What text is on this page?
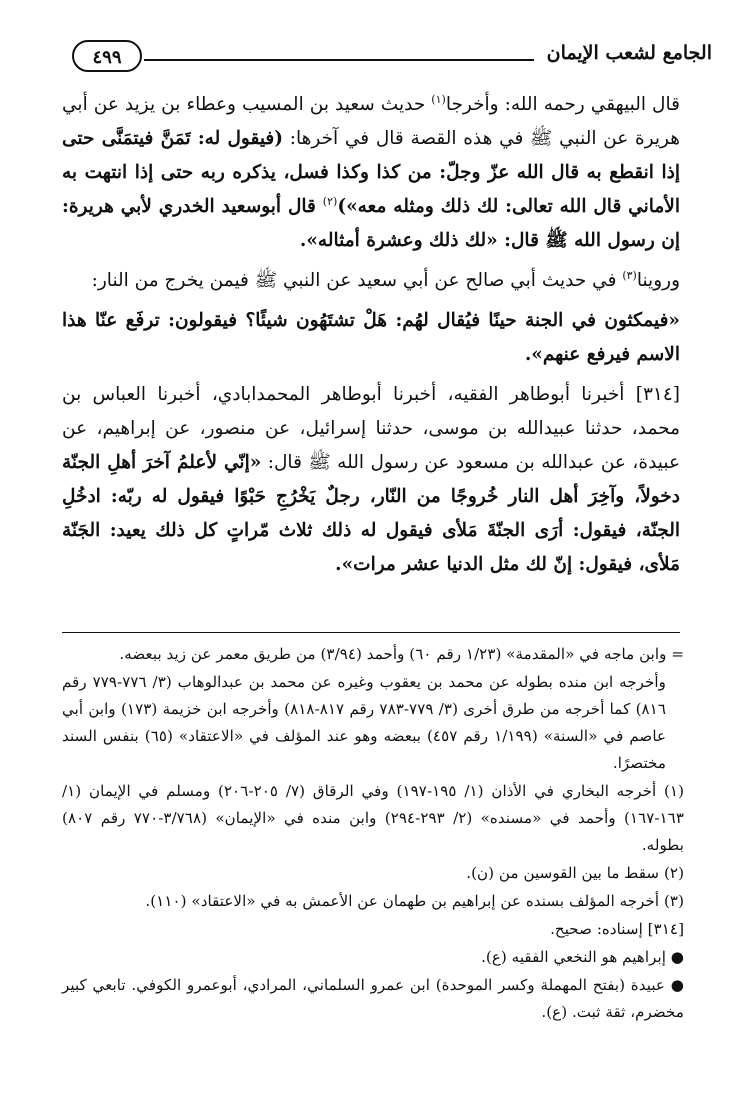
الجامع لشعب الإيمان
٤٩٩

قال البيهقي رحمه الله: وأخرجا$^{(١)}$ حديث سعيد بن المسيب وعطاء بن يزيد عن أبي هريرة عن النبي ﷺ في هذه القصة قال في آخرها: (فيقول له: تَمَنَّ فيتمَنَّى حتى إذا انقطع به قال الله عزّ وجلّ: من كذا وكذا فسل، يذكره ربه حتى إذا انتهت به الأماني قال الله تعالى: لك ذلك ومثله معه»)$^{(٢)}$ قال أبوسعيد الخدري لأبي هريرة: إن رسول الله ﷺ قال: «لك ذلك وعشرة أمثاله».

وروينا$^{(٣)}$ في حديث أبي صالح عن أبي سعيد عن النبي ﷺ فيمن يخرج من النار:

«فيمكثون في الجنة حينًا فيُقال لهُم: هَلْ تشتَهُون شيئًا؟ فيقولون: ترفَع عنّا هذا الاسم فيرفع عنهم».

[٣١٤] أخبرنا أبوطاهر الفقيه، أخبرنا أبوطاهر المحمدابادي، أخبرنا العباس بن محمد، حدثنا عبيدالله بن موسى، حدثنا إسرائيل، عن منصور، عن إبراهيم، عن عبيدة، عن عبدالله بن مسعود عن رسول الله ﷺ قال: «إنّي لأعلمُ آخرَ أهلِ الجنّة دخولاً، وآخِرَ أهل النار خُروجًا من النّار، رجلٌ يَخْرُجِ حَبْوًا فيقول له ربّه: ادخُلِ الجنّة، فيقول: أرَى الجنّةَ مَلأى فيقول له ذلك ثلاث مّراتٍ كل ذلك يعيد: الجَنّة مَلأى، فيقول: إنّ لك مثل الدنيا عشر مرات».

= وابن ماجه في «المقدمة» (١/٢٣ رقم ٦٠) وأحمد (٣/٩٤) من طريق معمر عن زيد ببعضه.

وأخرجه ابن منده بطوله عن محمد بن يعقوب وغيره عن محمد بن عبدالوهاب (٣/ ٧٧٦-٧٧٩ رقم ٨١٦) كما أخرجه من طرق أخرى (٣/ ٧٧٩-٧٨٣ رقم ٨١٧-٨١٨) وأخرجه ابن خزيمة (١٧٣) وابن أبي عاصم في «السنة» (١/١٩٩ رقم ٤٥٧) ببعضه وهو عند المؤلف في «الاعتقاد» (٦٥) بنفس السند مختصرًا.

(١) أخرجه البخاري في الأذان (١/ ١٩٥-١٩٧) وفي الرقاق (٧/ ٢٠٥-٢٠٦) ومسلم في الإيمان (١/ ١٦٣-١٦٧) وأحمد في «مسنده» (٢/ ٢٩٣-٢٩٤) وابن منده في «الإيمان» (٣/٧٦٨-٧٧٠ رقم ٨٠٧) بطوله.

(٢) سقط ما بين القوسين من (ن).

(٣) أخرجه المؤلف بسنده عن إبراهيم بن طهمان عن الأعمش به في «الاعتقاد» (١١٠).

[٣١٤] إسناده: صحيح.

● إبراهيم هو النخعي الفقيه (ع).

● عبيدة (بفتح المهملة وكسر الموحدة) ابن عمرو السلماني، المرادي، أبوعمرو الكوفي. تابعي كبير مخضرم، ثقة ثبت. (ع).
